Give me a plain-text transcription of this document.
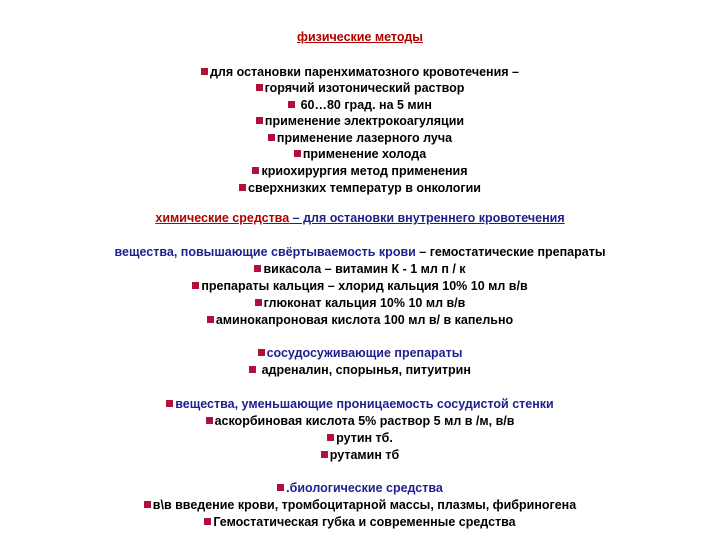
физические методы
для остановки паренхиматозного кровотечения –
горячий изотонический раствор
60…80 град. на 5 мин
применение электрокоагуляции
применение лазерного луча
применение холода
криохирургия метод применения
сверхнизких температур в онкологии
химические средства – для остановки внутреннего кровотечения
вещества, повышающие свёртываемость крови – гемостатические препараты
викасола – витамин К - 1 мл п / к
препараты кальция – хлорид кальция 10% 10 мл в/в
глюконат кальция 10% 10 мл в/в
аминокапроновая кислота 100 мл в/ в капельно
сосудосуживающие препараты
адреналин, спорынья, питуитрин
вещества, уменьшающие проницаемость сосудистой стенки
аскорбиновая кислота 5% раствор 5 мл в /м, в/в
рутин тб.
рутамин тб
.биологические средства
в\в введение крови, тромбоцитарной массы, плазмы, фибриногена
Гемостатическая губка и современные средства
